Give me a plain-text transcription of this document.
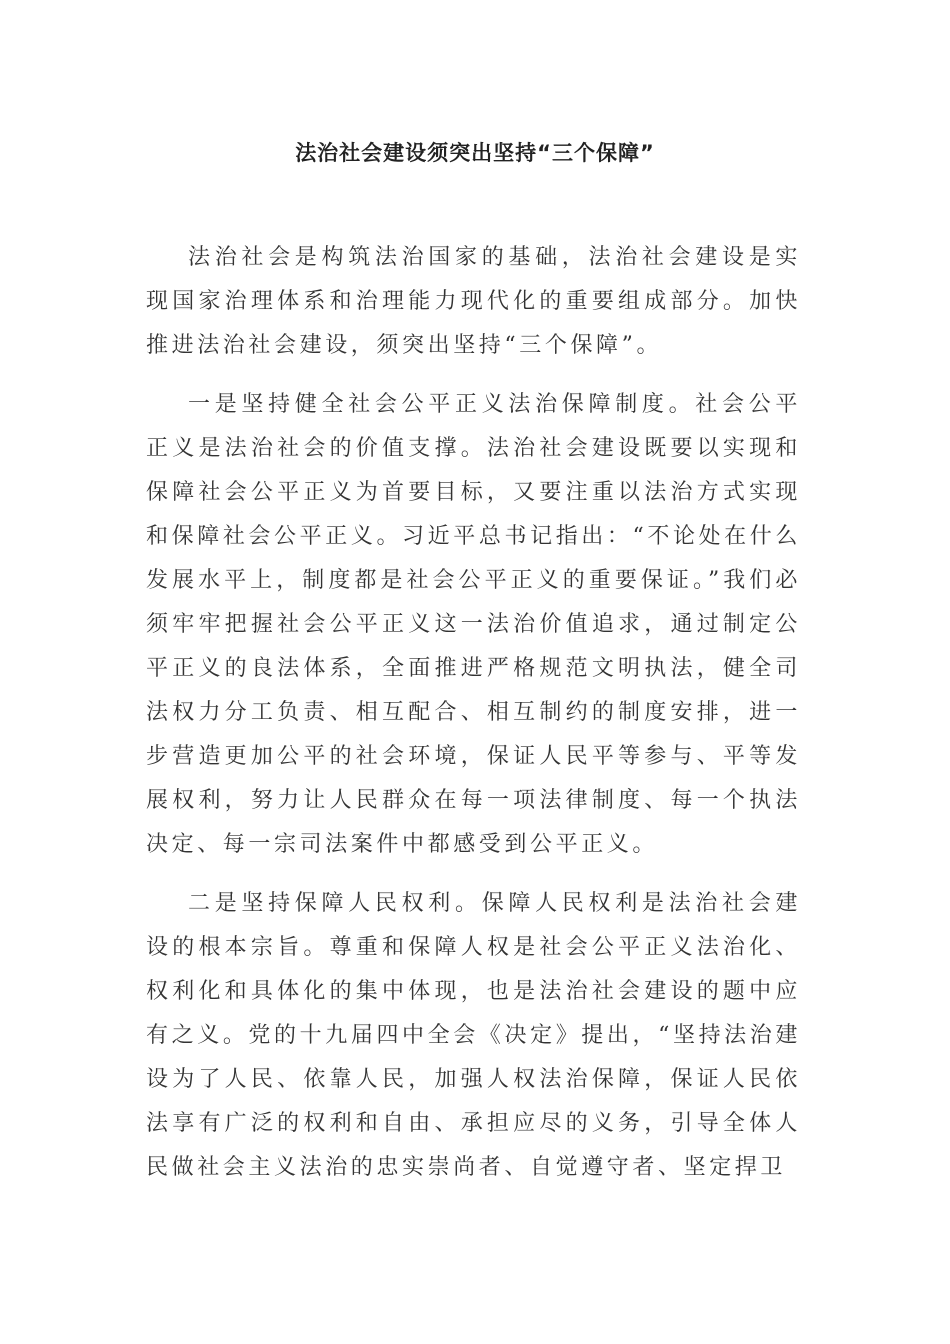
法治社会建设须突出坚持“三个保障”

法治社会是构筑法治国家的基础，法治社会建设是实现国家治理体系和治理能力现代化的重要组成部分。加快推进法治社会建设，须突出坚持“三个保障”。

一是坚持健全社会公平正义法治保障制度。社会公平正义是法治社会的价值支撑。法治社会建设既要以实现和保障社会公平正义为首要目标，又要注重以法治方式实现和保障社会公平正义。习近平总书记指出：“不论处在什么发展水平上，制度都是社会公平正义的重要保证。”我们必须牢牢把握社会公平正义这一法治价值追求，通过制定公平正义的良法体系，全面推进严格规范文明执法，健全司法权力分工负责、相互配合、相互制约的制度安排，进一步营造更加公平的社会环境，保证人民平等参与、平等发展权利，努力让人民群众在每一项法律制度、每一个执法决定、每一宗司法案件中都感受到公平正义。

二是坚持保障人民权利。保障人民权利是法治社会建设的根本宗旨。尊重和保障人权是社会公平正义法治化、权利化和具体化的集中体现，也是法治社会建设的题中应有之义。党的十九届四中全会《决定》提出，“坚持法治建设为了人民、依靠人民，加强人权法治保障，保证人民依法享有广泛的权利和自由、承担应尽的义务，引导全体人民做社会主义法治的忠实崇尚者、自觉遵守者、坚定捍卫
